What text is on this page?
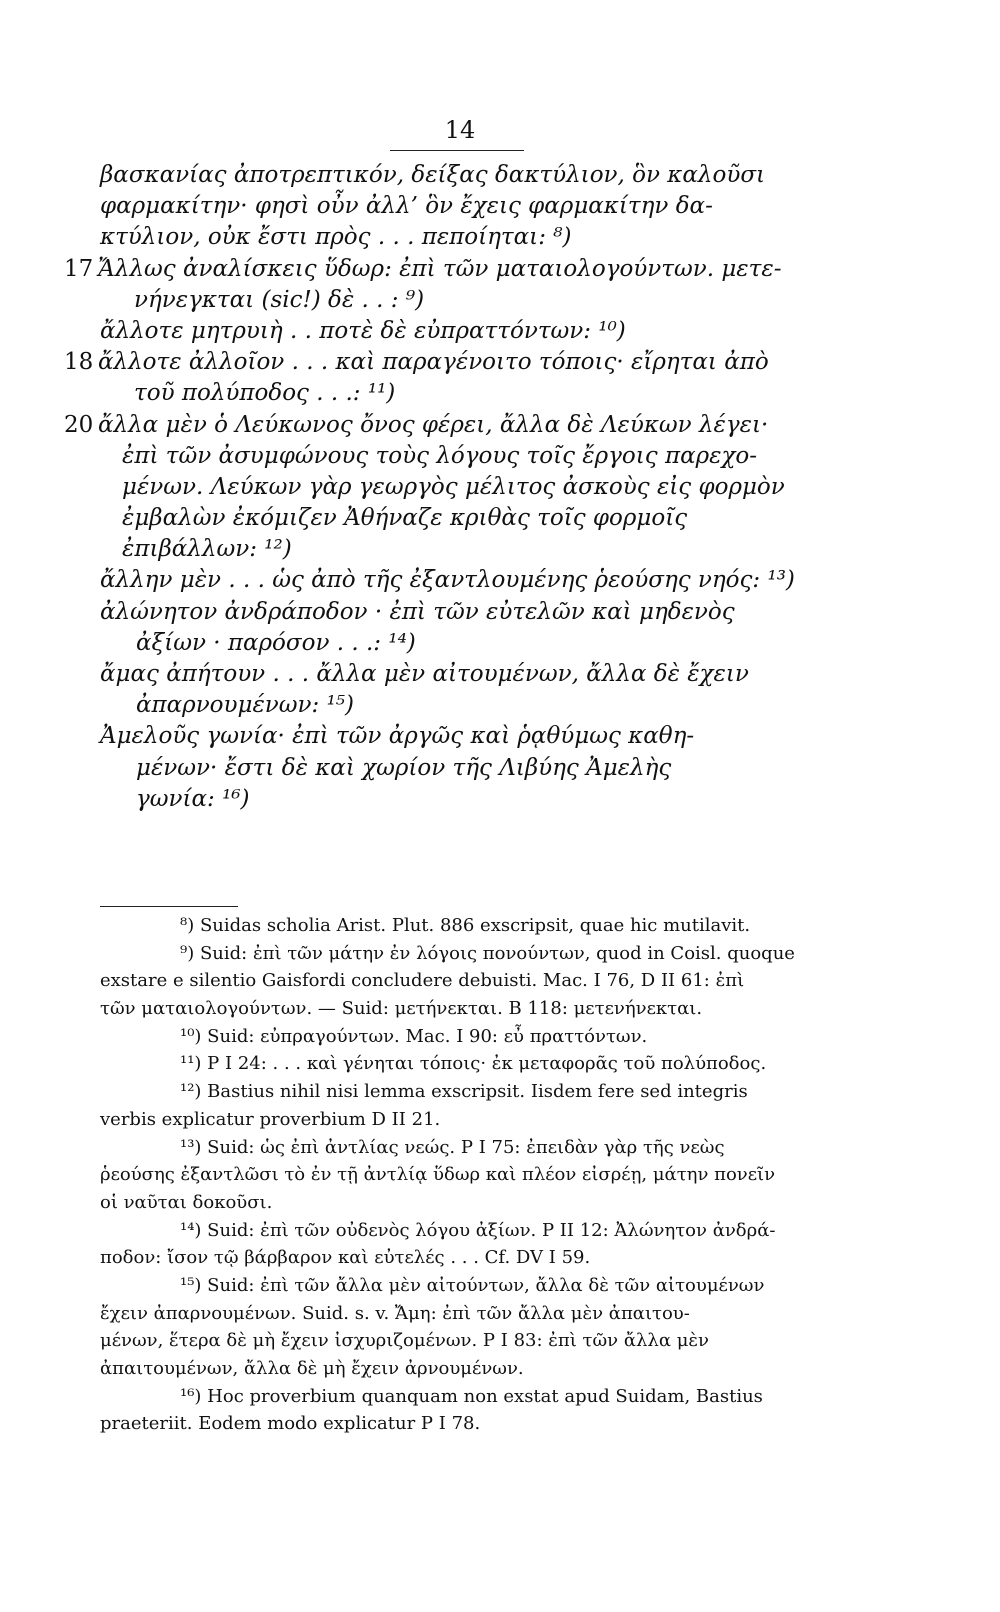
14
βασκανίας ἀποτρεπτικόν, δείξας δακτύλιον, ὃν καλοῦσι
φαρμακίτην· φησὶ οὖν ἀλλ’ ὃν ἔχεις φαρμακίτην δα-
κτύλιον, οὐκ ἔστι πρὸς . . . πεποίηται: ⁸)
17 Ἄλλως ἀναλίσκεις ὕδωρ: ἐπὶ τῶν ματαιολογούντων. μετε-
νήνεγκται (sic!) δὲ . . : ⁹)
ἄλλοτε μητρυιὴ . . ποτὲ δὲ εὐπραττόντων: ¹⁰)
18 ἄλλοτε ἀλλοῖον . . . καὶ παραγένοιτο τόποις· εἴρηται ἀπὸ
τοῦ πολύποδος . . .: ¹¹)
20 ἄλλα μὲν ὁ Λεύκωνος ὄνος φέρει, ἄλλα δὲ Λεύκων λέγει·
ἐπὶ τῶν ἀσυμφώνους τοὺς λόγους τοῖς ἔργοις παρεχο-
μένων. Λεύκων γὰρ γεωργὸς μέλιτος ἀσκοὺς εἰς φορμὸν
ἐμβαλὼν ἐκόμιζεν Ἀθήναζε κριθὰς τοῖς φορμοῖς
ἐπιβάλλων: ¹²)
ἄλλην μὲν . . . ὡς ἀπὸ τῆς ἐξαντλουμένης ῥεούσης νηός: ¹³)
ἀλώνητον ἀνδράποδον · ἐπὶ τῶν εὐτελῶν καὶ μηδενὸς
ἀξίων · παρόσον . . .: ¹⁴)
ἄμας ἀπήτουν . . . ἄλλα μὲν αἰτουμένων, ἄλλα δὲ ἔχειν
ἀπαρνουμένων: ¹⁵)
Ἀμελοῦς γωνία· ἐπὶ τῶν ἀργῶς καὶ ῥᾳθύμως καθη-
μένων· ἔστι δὲ καὶ χωρίον τῆς Λιβύης Ἀμελὴς
γωνία: ¹⁶)
⁸) Suidas scholia Arist. Plut. 886 exscripsit, quae hic mutilavit.
⁹) Suid: ἐπὶ τῶν μάτην ἐν λόγοις πονούντων, quod in Coisl. quoque
exstare e silentio Gaisfordi concludere debuisti. Mac. I 76, D II 61: ἐπὶ
τῶν ματαιολογούντων. — Suid: μετήνεκται. B 118: μετενήνεκται.
¹⁰) Suid: εὐπραγούντων. Mac. I 90: εὖ πραττόντων.
¹¹) P I 24: . . . καὶ γένηται τόποις· ἐκ μεταφορᾶς τοῦ πολύποδος.
¹²) Bastius nihil nisi lemma exscripsit. Iisdem fere sed integris
verbis explicatur proverbium D II 21.
¹³) Suid: ὡς ἐπὶ ἀντλίας νεώς. P I 75: ἐπειδὰν γὰρ τῆς νεὼς
ῥεούσης ἐξαντλῶσι τὸ ἐν τῇ ἀντλίᾳ ὕδωρ καὶ πλέον εἰσρέῃ, μάτην πονεῖν
οἱ ναῦται δοκοῦσι.
¹⁴) Suid: ἐπὶ τῶν οὐδενὸς λόγου ἀξίων. P II 12: Ἀλώνητον ἀνδρά-
ποδον: ἴσον τῷ βάρβαρον καὶ εὐτελές . . . Cf. DV I 59.
¹⁵) Suid: ἐπὶ τῶν ἄλλα μὲν αἰτούντων, ἄλλα δὲ τῶν αἰτουμένων
ἔχειν ἀπαρνουμένων. Suid. s. v. Ἄμη: ἐπὶ τῶν ἄλλα μὲν ἀπαιτου-
μένων, ἕτερα δὲ μὴ ἔχειν ἰσχυριζομένων. P I 83: ἐπὶ τῶν ἄλλα μὲν
ἀπαιτουμένων, ἄλλα δὲ μὴ ἔχειν ἀρνουμένων.
¹⁶) Hoc proverbium quanquam non exstat apud Suidam, Bastius
praeteriit. Eodem modo explicatur P I 78.
